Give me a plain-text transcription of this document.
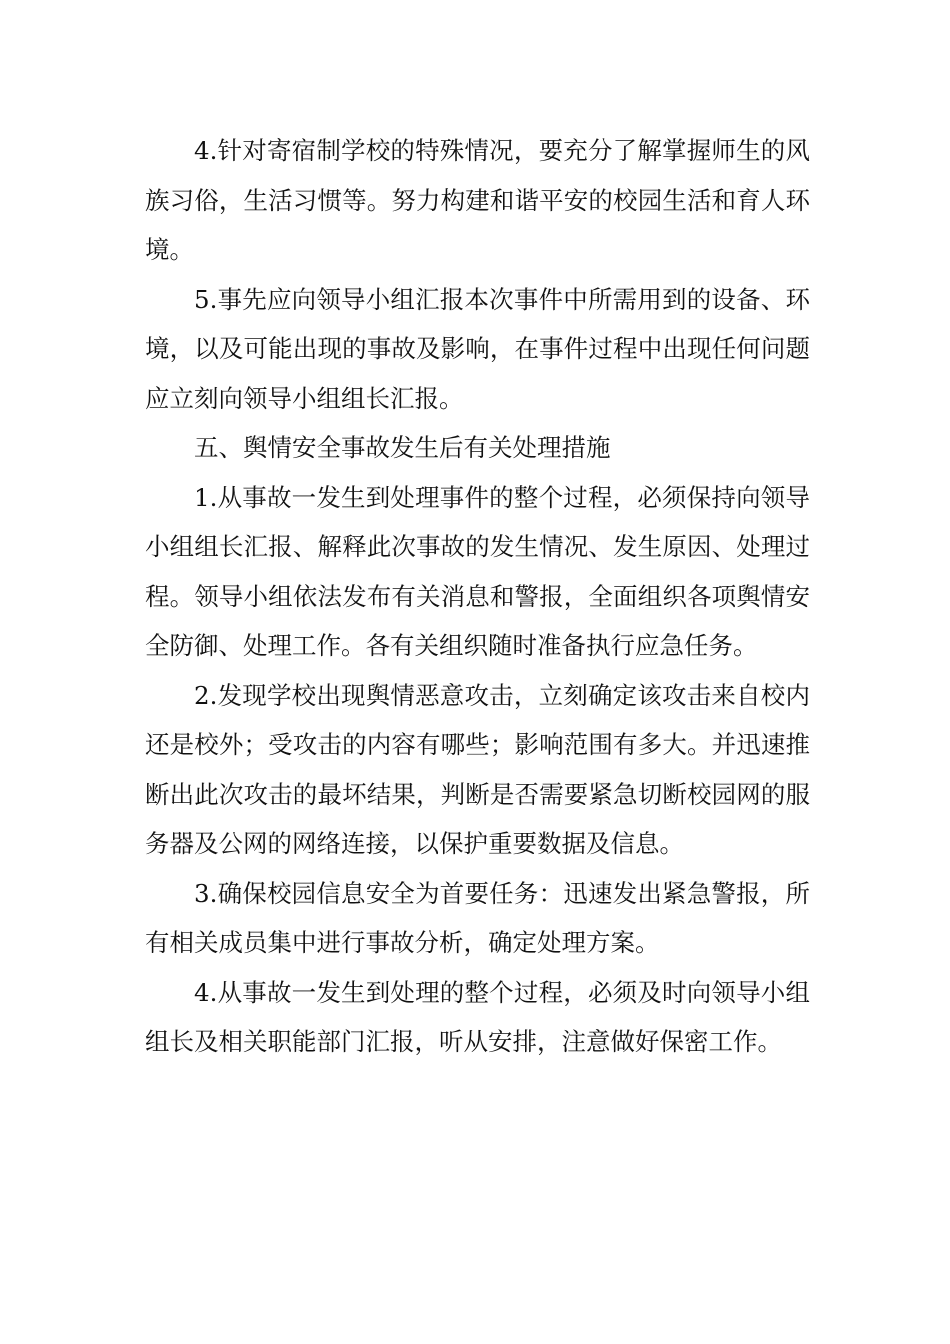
4.针对寄宿制学校的特殊情况，要充分了解掌握师生的风族习俗，生活习惯等。努力构建和谐平安的校园生活和育人环境。

5.事先应向领导小组汇报本次事件中所需用到的设备、环境，以及可能出现的事故及影响，在事件过程中出现任何问题应立刻向领导小组组长汇报。

五、舆情安全事故发生后有关处理措施

1.从事故一发生到处理事件的整个过程，必须保持向领导小组组长汇报、解释此次事故的发生情况、发生原因、处理过程。领导小组依法发布有关消息和警报，全面组织各项舆情安全防御、处理工作。各有关组织随时准备执行应急任务。

2.发现学校出现舆情恶意攻击，立刻确定该攻击来自校内还是校外；受攻击的内容有哪些；影响范围有多大。并迅速推断出此次攻击的最坏结果，判断是否需要紧急切断校园网的服务器及公网的网络连接，以保护重要数据及信息。

3.确保校园信息安全为首要任务：迅速发出紧急警报，所有相关成员集中进行事故分析，确定处理方案。

4.从事故一发生到处理的整个过程，必须及时向领导小组组长及相关职能部门汇报，听从安排，注意做好保密工作。
